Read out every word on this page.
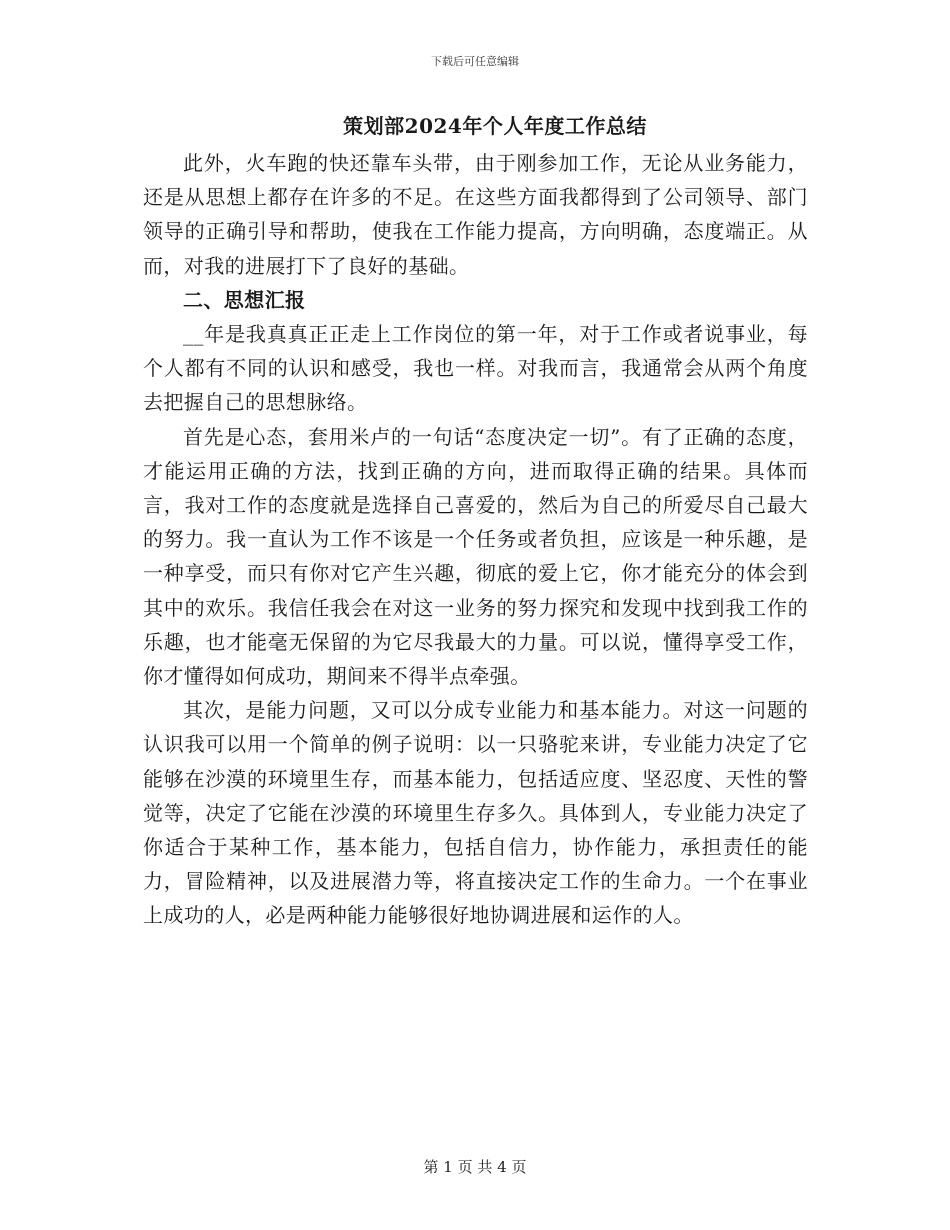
下载后可任意编辑
策划部2024年个人年度工作总结

此外，火车跑的快还靠车头带，由于刚参加工作，无论从业务能力，还是从思想上都存在许多的不足。在这些方面我都得到了公司领导、部门领导的正确引导和帮助，使我在工作能力提高，方向明确，态度端正。从而，对我的进展打下了良好的基础。

二、思想汇报

__年是我真真正正走上工作岗位的第一年，对于工作或者说事业，每个人都有不同的认识和感受，我也一样。对我而言，我通常会从两个角度去把握自己的思想脉络。

首先是心态，套用米卢的一句话“态度决定一切”。有了正确的态度，才能运用正确的方法，找到正确的方向，进而取得正确的结果。具体而言，我对工作的态度就是选择自己喜爱的，然后为自己的所爱尽自己最大的努力。我一直认为工作不该是一个任务或者负担，应该是一种乐趣，是一种享受，而只有你对它产生兴趣，彻底的爱上它，你才能充分的体会到其中的欢乐。我信任我会在对这一业务的努力探究和发现中找到我工作的乐趣，也才能毫无保留的为它尽我最大的力量。可以说，懂得享受工作，你才懂得如何成功，期间来不得半点牵强。

其次，是能力问题，又可以分成专业能力和基本能力。对这一问题的认识我可以用一个简单的例子说明：以一只骆驼来讲，专业能力决定了它能够在沙漠的环境里生存，而基本能力，包括适应度、坚忍度、天性的警觉等，决定了它能在沙漠的环境里生存多久。具体到人，专业能力决定了你适合于某种工作，基本能力，包括自信力，协作能力，承担责任的能力，冒险精神，以及进展潜力等，将直接决定工作的生命力。一个在事业上成功的人，必是两种能力能够很好地协调进展和运作的人。

第 1 页 共 4 页
